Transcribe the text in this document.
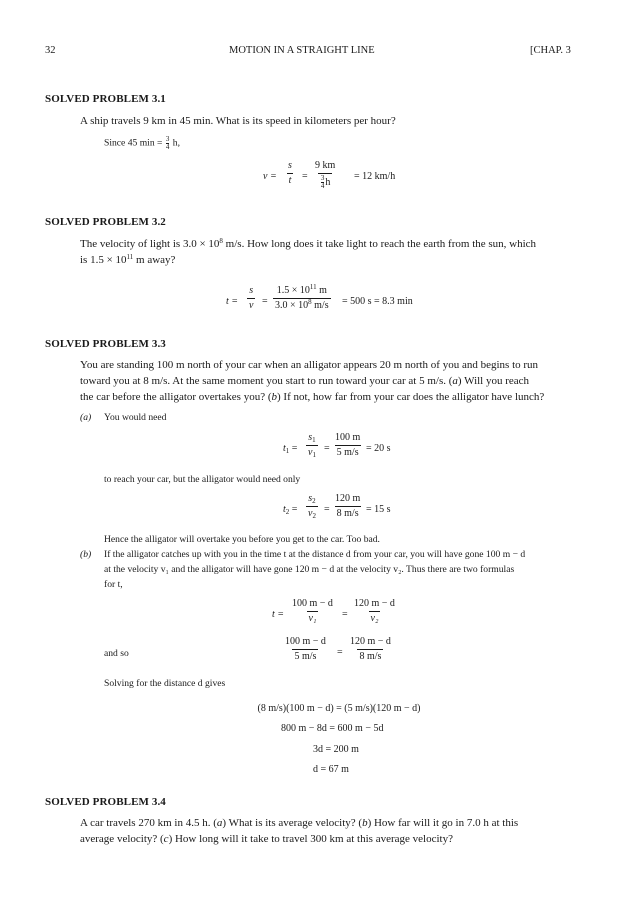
32	MOTION IN A STRAIGHT LINE	[CHAP. 3
SOLVED PROBLEM 3.1
A ship travels 9 km in 45 min. What is its speed in kilometers per hour?
Since 45 $\min = \frac{3}{4} h$,
$v = \frac{s}{t} = \frac{9 km}{\frac{3}{4} h} = 12$ km/h
SOLVED PROBLEM 3.2
The velocity of light is $3.0 \times 10^8$ m/s. How long does it take light to reach the earth from the sun, which
is $1.5 \times 10^{11}$ m away?
$t = \frac{s}{v} = \frac{1.5 \times 10^{11} m}{3.0 \times 10^8 m/s} = 500$ s = 8.3 min
SOLVED PROBLEM 3.3
You are standing 100 m north of your car when an alligator appears 20 m north of you and begins to run
toward you at 8 m/s. At the same moment you start to run toward your car at 5 m/s. (a) Will you reach
the car before the alligator overtakes you? (b) If not, how far from your car does the alligator have lunch?
(a) You would need
$t_1 = \frac{s_1}{v_1} = \frac{100 m}{5 m/s} = 20$ s
to reach your car, but the alligator would need only
$t_2 = \frac{s_2}{v_2} = \frac{120 m}{8 m/s} = 15$ s
Hence the alligator will overtake you before you get to the car. Too bad.
(b) If the alligator catches up with you in the time t at the distance d from your car, you will have gone 100 m − d
at the velocity v₁ and the alligator will have gone 120 m − d at the velocity v₂. Thus there are two formulas
for t,
$t = \frac{100 m - d}{\text{v₁}} = \frac{120 m - d}{\text{v₂}}$
and so	$\frac{100 m - d}{5 m/s} = \frac{120 m - d}{8 m/s}$
Solving for the distance d gives
(8 m/s)(100 m − d) = (5 m/s)(120 m − d)
800 m − 8d = 600 m − 5d
3d = 200 m
d = 67 m
SOLVED PROBLEM 3.4
A car travels 270 km in 4.5 h. (a) What is its average velocity? (b) How far will it go in 7.0 h at this
average velocity? (c) How long will it take to travel 300 km at this average velocity?
